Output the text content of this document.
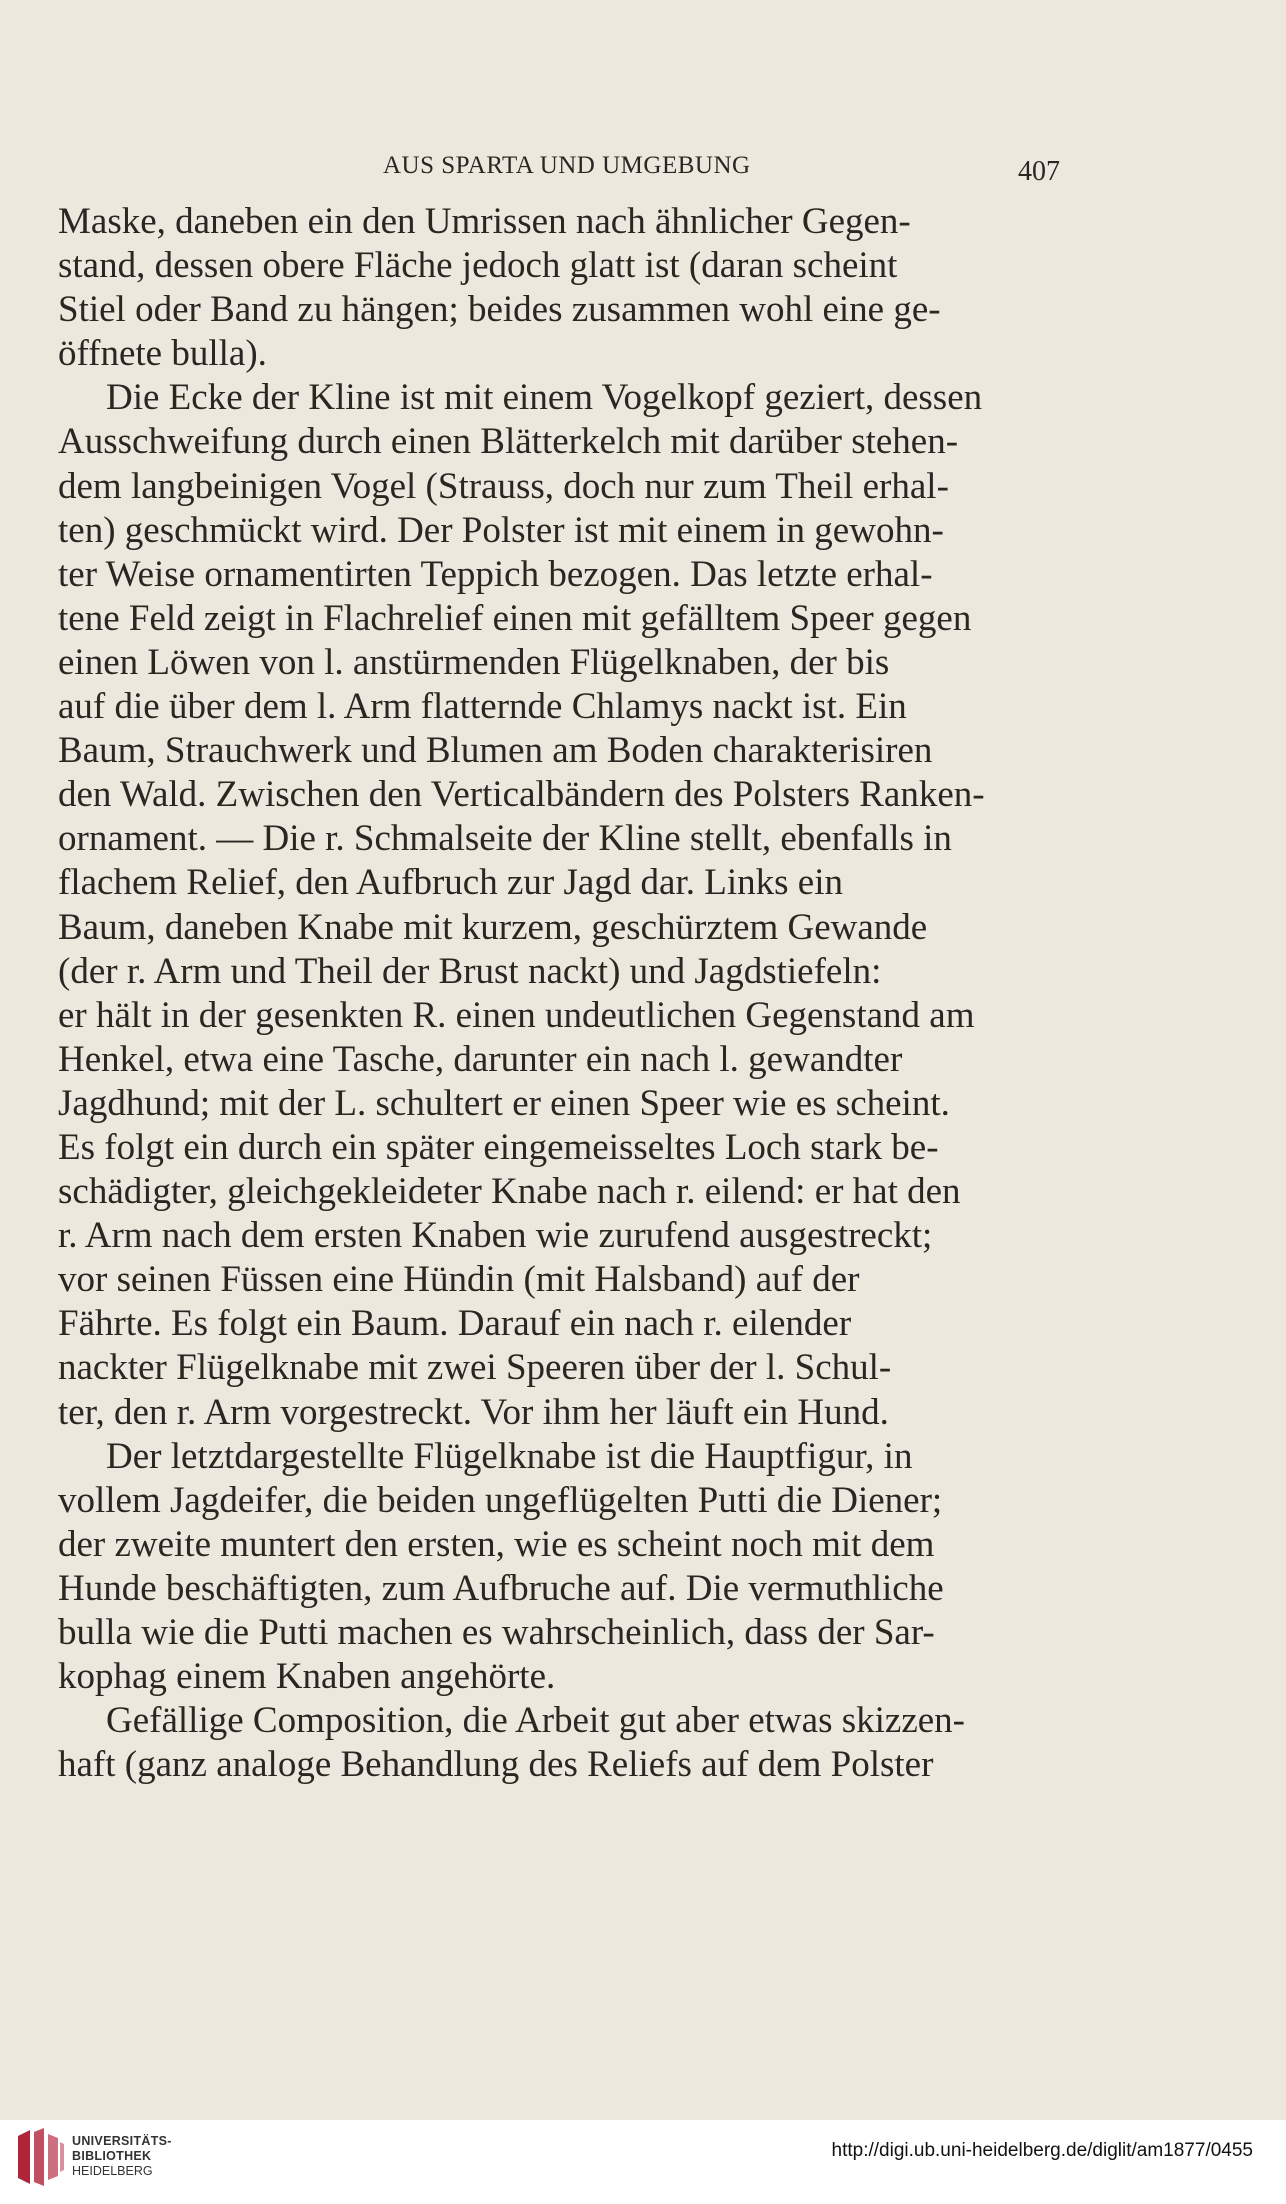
AUS SPARTA UND UMGEBUNG	407
Maske, daneben ein den Umrissen nach ähnlicher Gegen-
stand, dessen obere Fläche jedoch glatt ist (daran scheint
Stiel oder Band zu hängen; beides zusammen wohl eine ge-
öffnete bulla).
Die Ecke der Kline ist mit einem Vogelkopf geziert, dessen
Ausschweifung durch einen Blätterkelch mit darüber stehen-
dem langbeinigen Vogel (Strauss, doch nur zum Theil erhal-
ten) geschmückt wird. Der Polster ist mit einem in gewohn-
ter Weise ornamentirten Teppich bezogen. Das letzte erhal-
tene Feld zeigt in Flachrelief einen mit gefälltem Speer gegen
einen Löwen von l. anstürmenden Flügelknaben, der bis
auf die über dem l. Arm flatternde Chlamys nackt ist. Ein
Baum, Strauchwerk und Blumen am Boden charakterisiren
den Wald. Zwischen den Verticalbändern des Polsters Ranken-
ornament. — Die r. Schmalseite der Kline stellt, ebenfalls in
flachem Relief, den Aufbruch zur Jagd dar. Links ein
Baum, daneben Knabe mit kurzem, geschürztem Gewande
(der r. Arm und Theil der Brust nackt) und Jagdstiefeln:
er hält in der gesenkten R. einen undeutlichen Gegenstand am
Henkel, etwa eine Tasche, darunter ein nach l. gewandter
Jagdhund; mit der L. schultert er einen Speer wie es scheint.
Es folgt ein durch ein später eingemeisseltes Loch stark be-
schädigter, gleichgekleideter Knabe nach r. eilend: er hat den
r. Arm nach dem ersten Knaben wie zurufend ausgestreckt;
vor seinen Füssen eine Hündin (mit Halsband) auf der
Fährte. Es folgt ein Baum. Darauf ein nach r. eilender
nackter Flügelknabe mit zwei Speeren über der l. Schul-
ter, den r. Arm vorgestreckt. Vor ihm her läuft ein Hund.
Der letztdargestellte Flügelknabe ist die Hauptfigur, in
vollem Jagdeifer, die beiden ungeflügelten Putti die Diener;
der zweite muntert den ersten, wie es scheint noch mit dem
Hunde beschäftigten, zum Aufbruche auf. Die vermuthliche
bulla wie die Putti machen es wahrscheinlich, dass der Sar-
kophag einem Knaben angehörte.
Gefällige Composition, die Arbeit gut aber etwas skizzen-
haft (ganz analoge Behandlung des Reliefs auf dem Polster
UNIVERSITÄTS-
BIBLIOTHEK
HEIDELBERG
http://digi.ub.uni-heidelberg.de/diglit/am1877/0455
